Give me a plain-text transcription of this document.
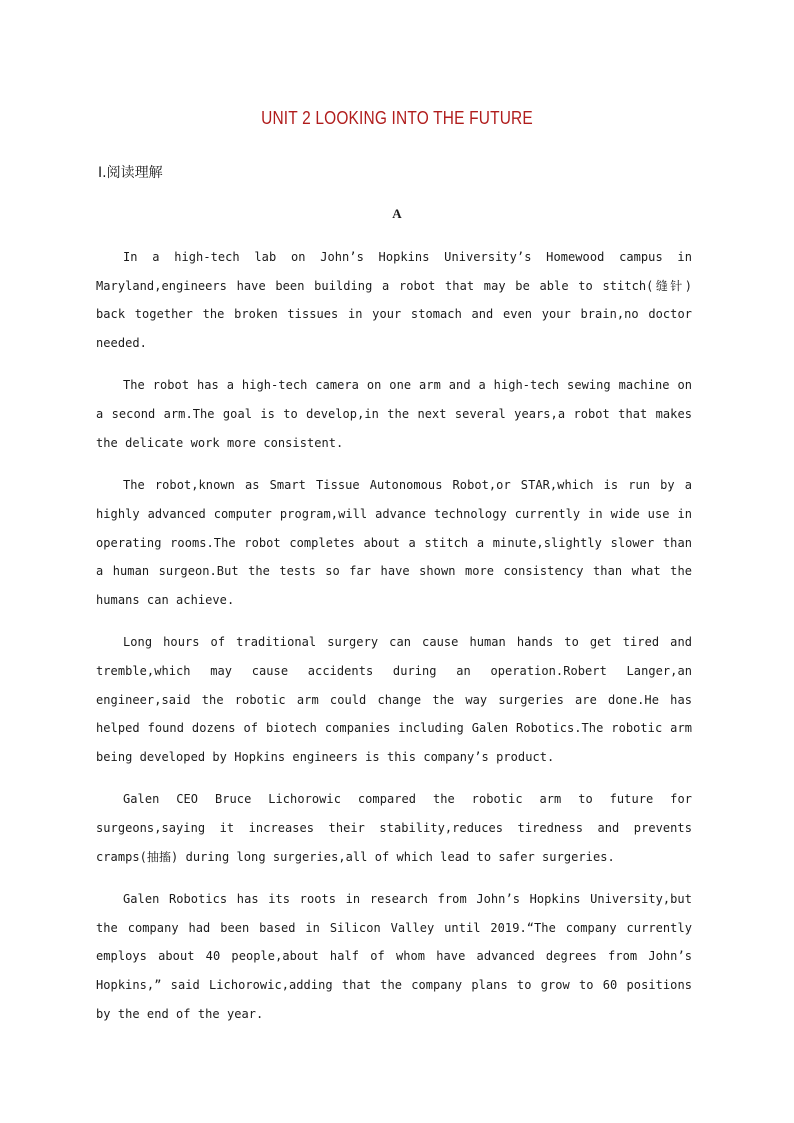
UNIT 2 LOOKING INTO THE FUTURE
Ⅰ.阅读理解
A

In a high-tech lab on John’s Hopkins University’s Homewood campus in Maryland,engineers have been building a robot that may be able to stitch(缝针) back together the broken tissues in your stomach and even your brain,no doctor needed.

The robot has a high-tech camera on one arm and a high-tech sewing machine on a second arm.The goal is to develop,in the next several years,a robot that makes the delicate work more consistent.

The robot,known as Smart Tissue Autonomous Robot,or STAR,which is run by a highly advanced computer program,will advance technology currently in wide use in operating rooms.The robot completes about a stitch a minute,slightly slower than a human surgeon.But the tests so far have shown more consistency than what the humans can achieve.

Long hours of traditional surgery can cause human hands to get tired and tremble,which may cause accidents during an operation.Robert Langer,an engineer,said the robotic arm could change the way surgeries are done.He has helped found dozens of biotech companies including Galen Robotics.The robotic arm being developed by Hopkins engineers is this company’s product.

Galen CEO Bruce Lichorowic compared the robotic arm to future for surgeons,saying it increases their stability,reduces tiredness and prevents cramps(抽搐) during long surgeries,all of which lead to safer surgeries.

Galen Robotics has its roots in research from John’s Hopkins University,but the company had been based in Silicon Valley until 2019.“The company currently employs about 40 people,about half of whom have advanced degrees from John’s Hopkins,” said Lichorowic,adding that the company plans to grow to 60 positions by the end of the year.
